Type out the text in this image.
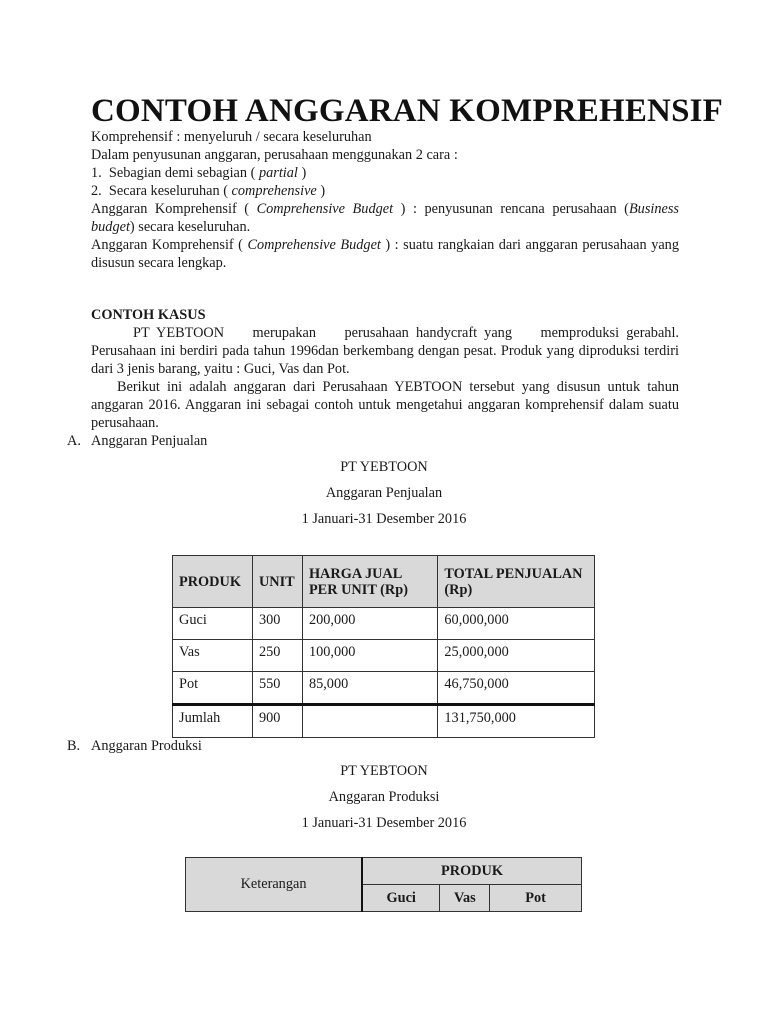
CONTOH ANGGARAN KOMPREHENSIF
Komprehensif : menyeluruh / secara keseluruhan
Dalam penyusunan anggaran, perusahaan menggunakan 2 cara :
1. Sebagian demi sebagian ( partial )
2. Secara keseluruhan ( comprehensive )
Anggaran Komprehensif ( Comprehensive Budget ) : penyusunan rencana perusahaan (Business budget) secara keseluruhan.
Anggaran Komprehensif ( Comprehensive Budget ) : suatu rangkaian dari anggaran perusahaan yang disusun secara lengkap.
CONTOH KASUS
PT YEBTOON    merupakan    perusahaan handycraft yang    memproduksi gerabahl. Perusahaan ini berdiri pada tahun 1996dan berkembang dengan pesat. Produk yang diproduksi terdiri dari 3 jenis barang, yaitu : Guci, Vas dan Pot.
Berikut ini adalah anggaran dari Perusahaan YEBTOON tersebut yang disusun untuk tahun anggaran 2016. Anggaran ini sebagai contoh untuk mengetahui anggaran komprehensif dalam suatu perusahaan.
A. Anggaran Penjualan
PT YEBTOON
Anggaran Penjualan
1 Januari-31 Desember 2016
PRODUK	UNIT	HARGA JUAL PER UNIT (Rp)	TOTAL PENJUALAN (Rp)
Guci	300	200,000	60,000,000
Vas	250	100,000	25,000,000
Pot	550	85,000	46,750,000
Jumlah	900		131,750,000
B. Anggaran Produksi
PT YEBTOON
Anggaran Produksi
1 Januari-31 Desember 2016
Keterangan	PRODUK		
	Guci	Vas	Pot
